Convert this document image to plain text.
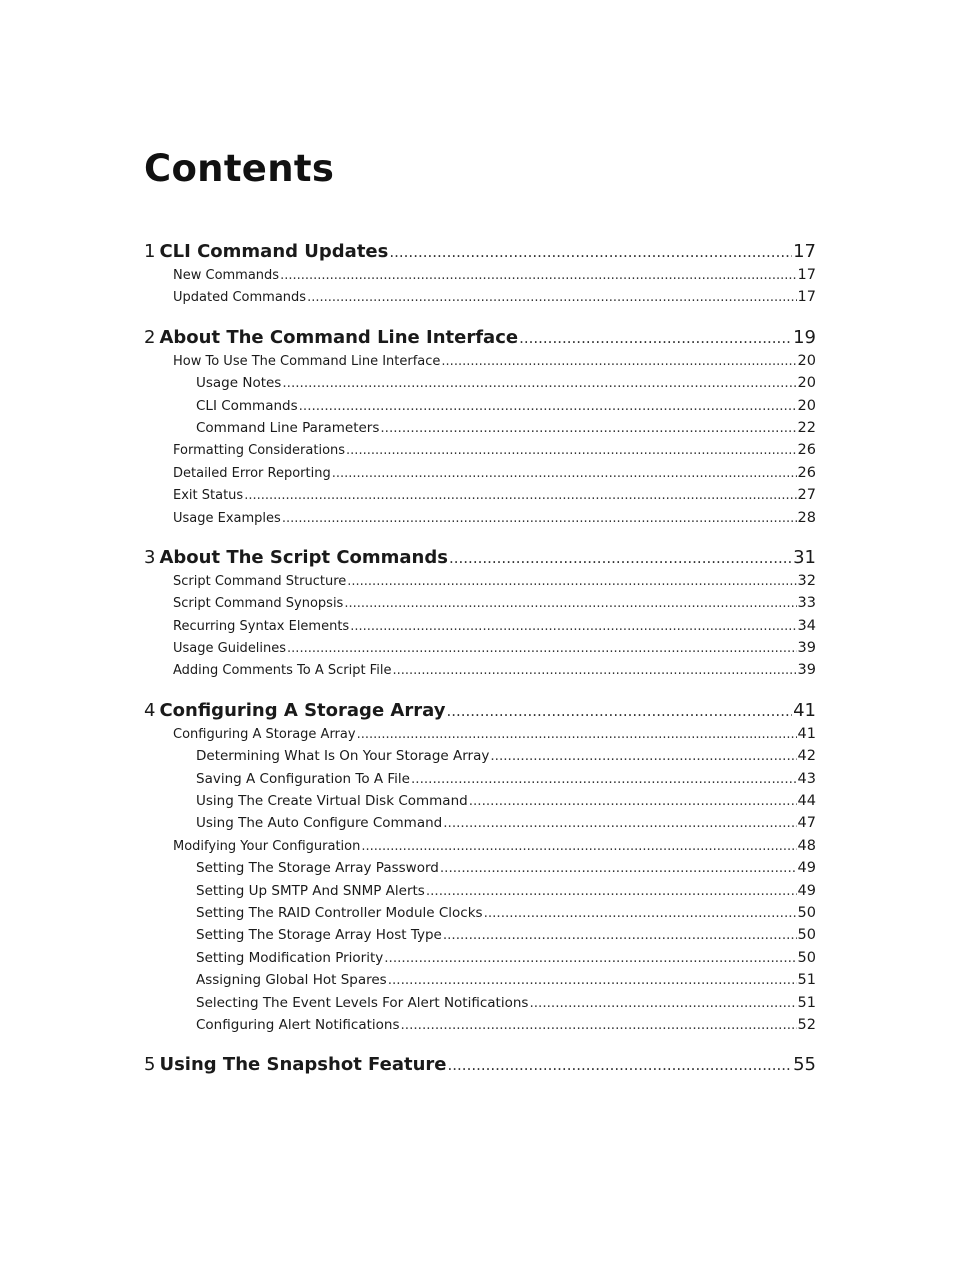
Contents
1 CLI Command Updates .....	17
New Commands .....	17
Updated Commands .....	17
2 About The Command Line Interface .....	19
How To Use The Command Line Interface .....	20
Usage Notes .....	20
CLI Commands .....	20
Command Line Parameters .....	22
Formatting Considerations .....	26
Detailed Error Reporting .....	26
Exit Status .....	27
Usage Examples .....	28
3 About The Script Commands .....	31
Script Command Structure .....	32
Script Command Synopsis .....	33
Recurring Syntax Elements .....	34
Usage Guidelines .....	39
Adding Comments To A Script File .....	39
4 Configuring A Storage Array .....	41
Configuring A Storage Array .....	41
Determining What Is On Your Storage Array .....	42
Saving A Configuration To A File .....	43
Using The Create Virtual Disk Command .....	44
Using The Auto Configure Command .....	47
Modifying Your Configuration .....	48
Setting The Storage Array Password .....	49
Setting Up SMTP And SNMP Alerts .....	49
Setting The RAID Controller Module Clocks .....	50
Setting The Storage Array Host Type .....	50
Setting Modification Priority .....	50
Assigning Global Hot Spares .....	51
Selecting The Event Levels For Alert Notifications .....	51
Configuring Alert Notifications .....	52
5 Using The Snapshot Feature .....	55
